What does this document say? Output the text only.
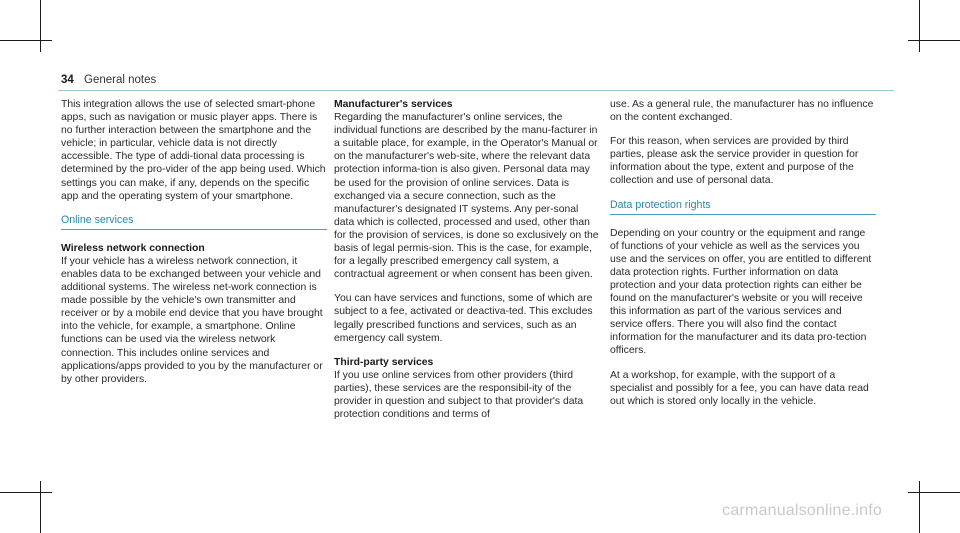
34 General notes

This integration allows the use of selected smart-phone apps, such as navigation or music player apps. There is no further interaction between the smartphone and the vehicle; in particular, vehicle data is not directly accessible. The type of addi-tional data processing is determined by the pro-vider of the app being used. Which settings you can make, if any, depends on the specific app and the operating system of your smartphone.

Online services
Wireless network connection

If your vehicle has a wireless network connection, it enables data to be exchanged between your vehicle and additional systems. The wireless net-work connection is made possible by the vehicle's own transmitter and receiver or by a mobile end device that you have brought into the vehicle, for example, a smartphone. Online functions can be used via the wireless network connection. This includes online services and applications/apps provided to you by the manufacturer or by other providers.

Manufacturer's services

Regarding the manufacturer's online services, the individual functions are described by the manu-facturer in a suitable place, for example, in the Operator's Manual or on the manufacturer's web-site, where the relevant data protection informa-tion is also given. Personal data may be used for the provision of online services. Data is exchanged via a secure connection, such as the manufacturer's designated IT systems. Any per-sonal data which is collected, processed and used, other than for the provision of services, is done so exclusively on the basis of legal permis-sion. This is the case, for example, for a legally prescribed emergency call system, a contractual agreement or when consent has been given.

You can have services and functions, some of which are subject to a fee, activated or deactiva-ted. This excludes legally prescribed functions and services, such as an emergency call system.

Third-party services

If you use online services from other providers (third parties), these services are the responsibil-ity of the provider in question and subject to that provider's data protection conditions and terms of

use. As a general rule, the manufacturer has no influence on the content exchanged.

For this reason, when services are provided by third parties, please ask the service provider in question for information about the type, extent and purpose of the collection and use of personal data.

Data protection rights

Depending on your country or the equipment and range of functions of your vehicle as well as the services you use and the services on offer, you are entitled to different data protection rights. Further information on data protection and your data protection rights can either be found on the manufacturer's website or you will receive this information as part of the various services and service offers. There you will also find the contact information for the manufacturer and its data pro-tection officers.

At a workshop, for example, with the support of a specialist and possibly for a fee, you can have data read out which is stored only locally in the vehicle.

carmanualsonline.info
